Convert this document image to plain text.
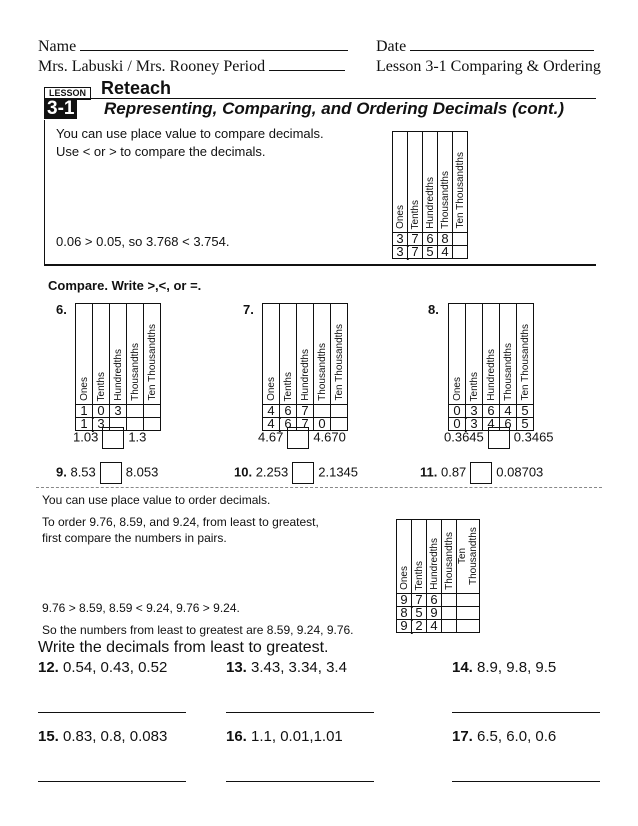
Name	Date
Mrs. Labuski / Mrs. Rooney Period	Lesson 3-1 Comparing & Ordering
LESSON Reteach
3-1 Representing, Comparing, and Ordering Decimals (cont.)
You can use place value to compare decimals.
Use < or > to compare the decimals.
0.06 > 0.05, so 3.768 < 3.754.
Ones	Tenths	Hundredths	Thousandths	Ten Thousandths
3	7 .	6	8	
3	7 .	5	4	
Compare. Write >,<, or =.
6.
Ones	Tenths	Hundredths	Thousandths	Ten Thousandths
1	0 .	3		
1	3 .			
1.03 1.3
7.
Ones	Tenths	Hundredths	Thousandths	Ten Thousandths
4	6 .	7		
4	6 .	7	0	
4.67 4.670
8.
Ones	Tenths	Hundredths	Thousandths	Ten Thousandths
0	3 .	6	4	5
0	3 .	4	6	5
0.3645 0.3465
9. 8.53 8.053	10. 2.253 2.1345	11. 0.87 0.08703
You can use place value to order decimals.
To order 9.76, 8.59, and 9.24, from least to greatest,
first compare the numbers in pairs.
9.76 > 8.59, 8.59 < 9.24, 9.76 > 9.24.
So the numbers from least to greatest are 8.59, 9.24, 9.76.
Ones	Tenths	Hundredths	Thousandths	Ten Thousandths
9	7 .	6		
8	5 .	9		
9	2 .	4		
Write the decimals from least to greatest.
12. 0.54, 0.43, 0.52	13. 3.43, 3.34, 3.4	14. 8.9, 9.8, 9.5
15. 0.83, 0.8, 0.083	16. 1.1, 0.01,1.01	17. 6.5, 6.0, 0.6
